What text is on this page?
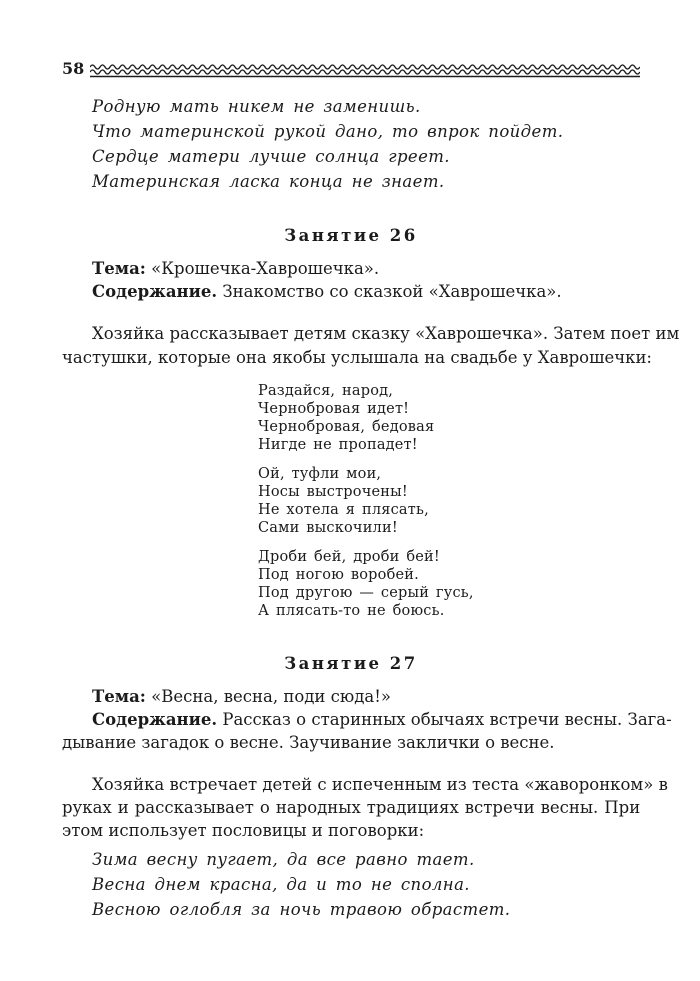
58

Родную мать никем не заменишь.

Что материнской рукой дано, то впрок пойдет.

Сердце матери лучше солнца греет.

Материнская ласка конца не знает.

Занятие 26

Тема: «Крошечка-Хаврошечка».

Содержание. Знакомство со сказкой «Хаврошечка».

Хозяйка рассказывает детям сказку «Хаврошечка». Затем поет им

частушки, которые она якобы услышала на свадьбе у Хаврошечки:

Раздайся, народ,

Чернобровая идет!

Чернобровая, бедовая

Нигде не пропадет!

Ой, туфли мои,

Носы выстрочены!

Не хотела я плясать,

Сами выскочили!

Дроби бей, дроби бей!

Под ногою воробей.

Под другою — серый гусь,

А плясать-то не боюсь.

Занятие 27

Тема: «Весна, весна, поди сюда!»

Содержание. Рассказ о старинных обычаях встречи весны. Зага-

дывание загадок о весне. Заучивание заклички о весне.

Хозяйка встречает детей с испеченным из теста «жаворонком» в

руках и рассказывает о народных традициях встречи весны. При

этом использует пословицы и поговорки:

Зима весну пугает, да все равно тает.

Весна днем красна, да и то не сполна.

Весною оглобля за ночь травою обрастет.
